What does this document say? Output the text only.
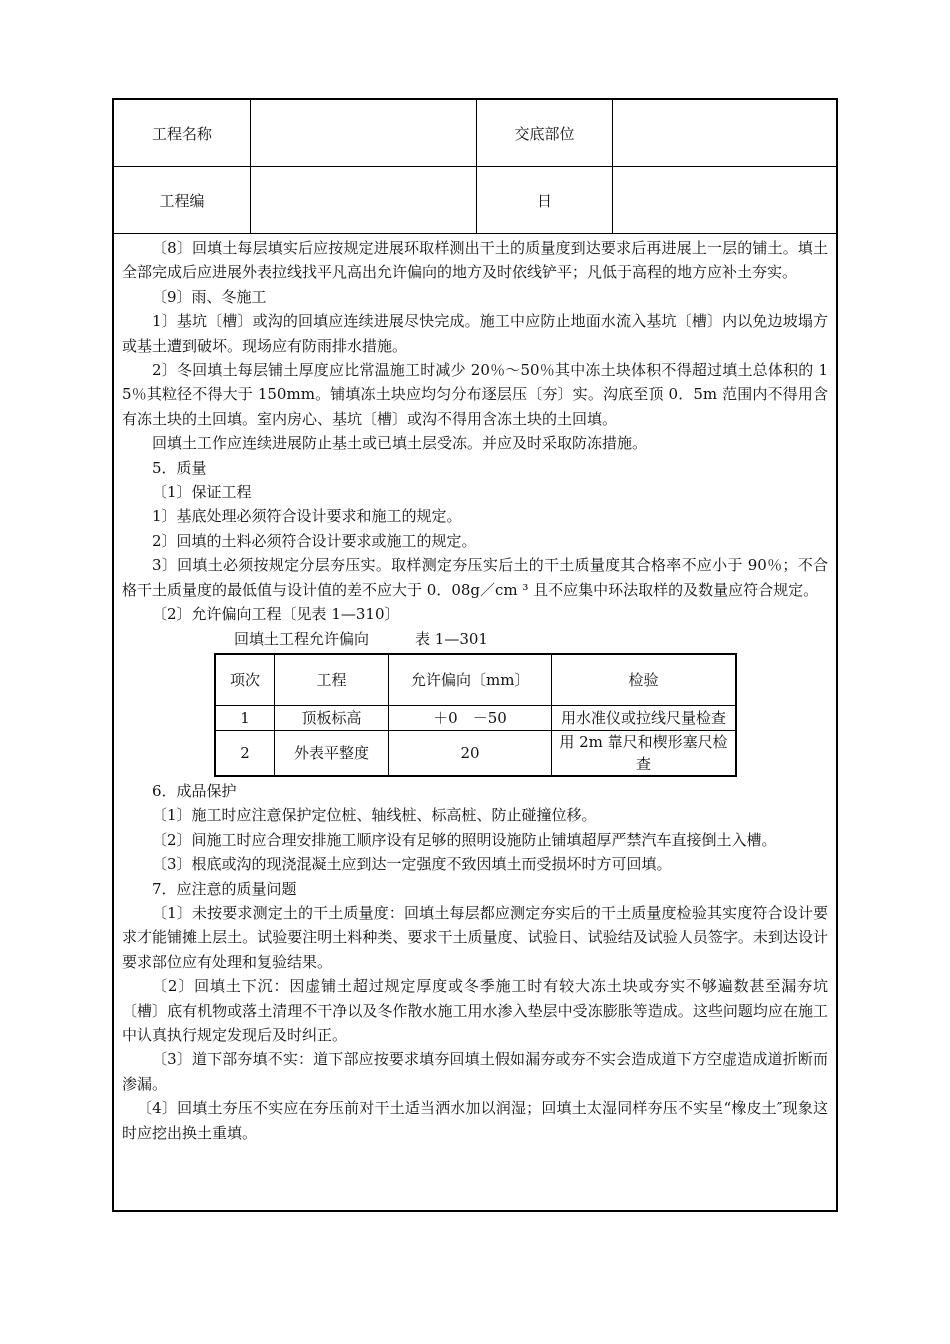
工程名称	交底部位
工程编	日

〔8〕回填土每层填实后应按规定进展环取样测出干土的质量度到达要求后再进展上一层的铺土。填土全部完成后应进展外表拉线找平凡高出允许偏向的地方及时依线铲平；凡低于高程的地方应补土夯实。

〔9〕雨、冬施工

1〕基坑〔槽〕或沟的回填应连续进展尽快完成。施工中应防止地面水流入基坑〔槽〕内以免边坡塌方或基土遭到破坏。现场应有防雨排水措施。

2〕冬回填土每层铺土厚度应比常温施工时减少 20％～50％其中冻土块体积不得超过填土总体积的 15％其粒径不得大于 150mm。铺填冻土块应均匀分布逐层压〔夯〕实。沟底至顶 0．5m 范围内不得用含有冻土块的土回填。室内房心、基坑〔槽〕或沟不得用含冻土块的土回填。

回填土工作应连续进展防止基土或已填土层受冻。并应及时采取防冻措施。

5．质量

〔1〕保证工程

1〕基底处理必须符合设计要求和施工的规定。

2〕回填的土料必须符合设计要求或施工的规定。

3〕回填土必须按规定分层夯压实。取样测定夯压实后土的干土质量度其合格率不应小于 90％；不合格干土质量度的最低值与设计值的差不应大于 0．08g／cm ³ 且不应集中环法取样的及数量应符合规定。

〔2〕允许偏向工程〔见表 1—310〕

回填土工程允许偏向	表 1—301

项次	工程	允许偏向〔mm〕	检验
1	顶板标高	＋0　－50	用水准仪或拉线尺量检查
2	外表平整度	20	用 2m 靠尺和楔形塞尺检查

6．成品保护

〔1〕施工时应注意保护定位桩、轴线桩、标高桩、防止碰撞位移。

〔2〕间施工时应合理安排施工顺序设有足够的照明设施防止铺填超厚严禁汽车直接倒土入槽。

〔3〕根底或沟的现浇混凝土应到达一定强度不致因填土而受损坏时方可回填。

7．应注意的质量问题

〔1〕未按要求测定土的干土质量度：回填土每层都应测定夯实后的干土质量度检验其实度符合设计要求才能铺摊上层土。试验要注明土料种类、要求干土质量度、试验日、试验结及试验人员签字。未到达设计要求部位应有处理和复验结果。

〔2〕回填土下沉：因虚铺土超过规定厚度或冬季施工时有较大冻土块或夯实不够遍数甚至漏夯坑〔槽〕底有机物或落土清理不干净以及冬作散水施工用水渗入垫层中受冻膨胀等造成。这些问题均应在施工中认真执行规定发现后及时纠正。

〔3〕道下部夯填不实：道下部应按要求填夯回填土假如漏夯或夯不实会造成道下方空虚造成道折断而渗漏。

〔4〕回填土夯压不实应在夯压前对干土适当洒水加以润湿；回填土太湿同样夯压不实呈“橡皮土″现象这时应挖出换土重填。
